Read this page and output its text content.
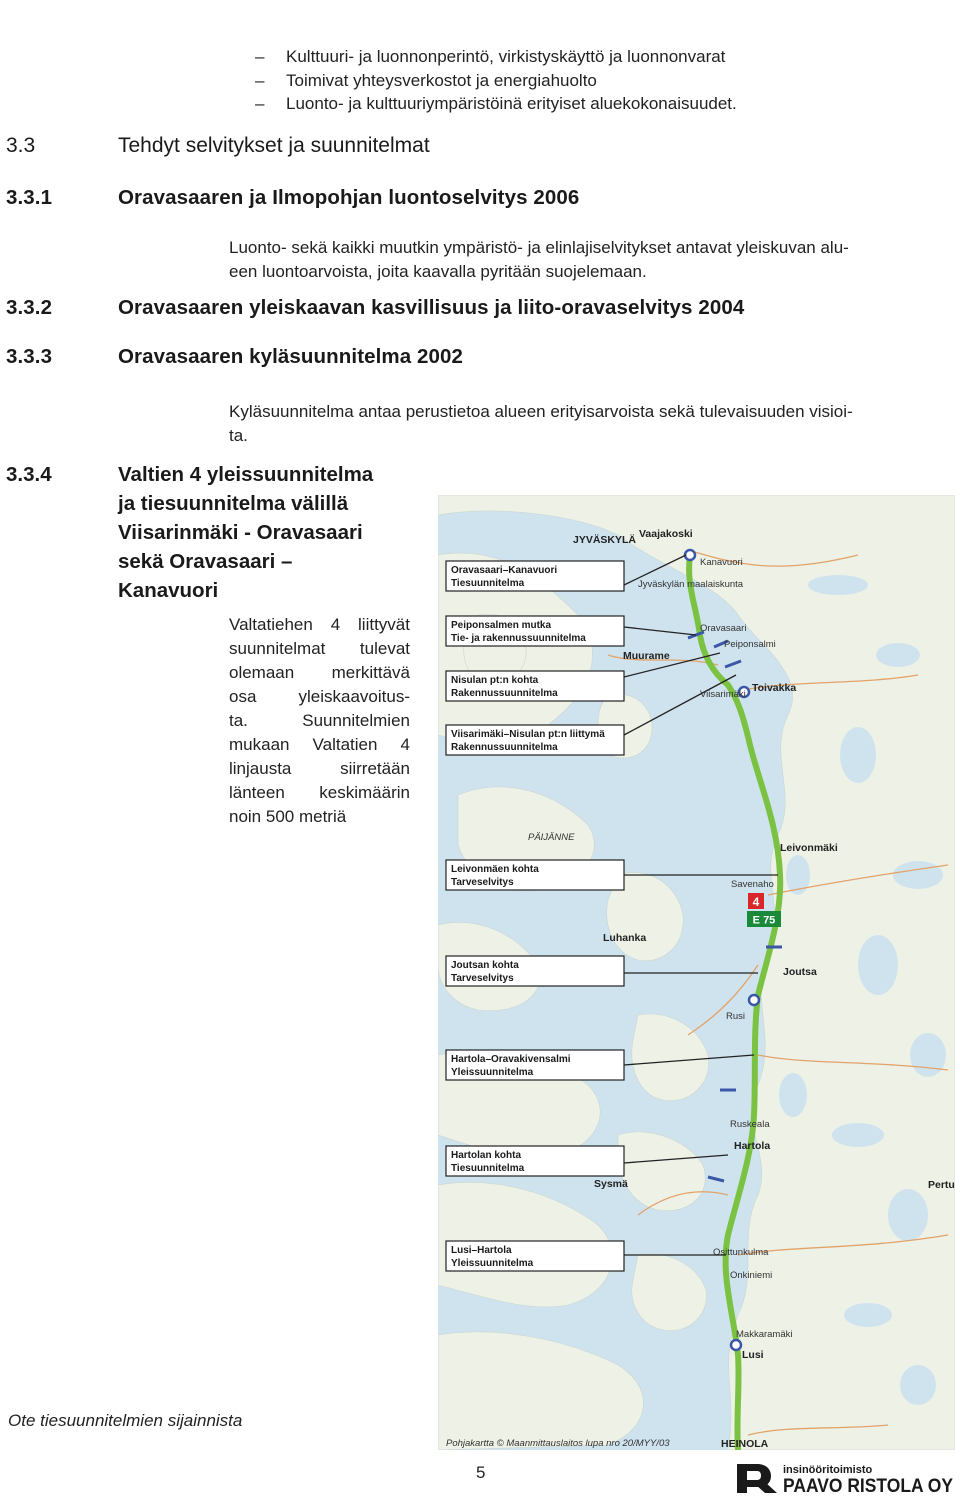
– Kulttuuri- ja luonnonperintö, virkistyskäyttö ja luonnonvarat
– Toimivat yhteysverkostot ja energiahuolto
– Luonto- ja kulttuuriympäristöinä erityiset aluekokonaisuudet.
3.3	Tehdyt selvitykset ja suunnitelmat
3.3.1	Oravasaaren ja Ilmopohjan luontoselvitys 2006
Luonto- sekä kaikki muutkin ympäristö- ja elinlajiselvitykset antavat yleiskuvan alu-
een luontoarvoista, joita kaavalla pyritään suojelemaan.
3.3.2	Oravasaaren yleiskaavan kasvillisuus ja liito-oravaselvitys 2004
3.3.3	Oravasaaren kyläsuunnitelma 2002
Kyläsuunnitelma antaa perustietoa alueen erityisarvoista sekä tulevaisuuden visioi-
ta.
3.3.4	Valtien 4 yleissuunnitelma
ja tiesuunnitelma välillä
Viisarinmäki - Oravasaari
sekä Oravasaari –
Kanavuori
Valtatiehen 4 liittyvät
suunnitelmat tulevat
olemaan merkittävä
osa yleiskaavoitus-
ta. Suunnitelmien
mukaan Valtatien 4
linjausta siirretään
länteen keskimäärin
noin 500 metriä
4
E 75
JYVÄSKYLÄ Vaajakoski
Kanavuori
Jyväskylän maalaiskunta
Oravasaari
Peiponsalmi
Muurame
Toivakka
Viisarimäki
Leivonmäki
PÄIJÄNNE
Savenaho
Luhanka
Joutsa
Rusi
Ruskeala
Hartola
Sysmä	Pertu
Osittunkulma
Onkiniemi
Makkaramäki
Lusi
HEINOLA
Oravasaari–Kanavuori
Tiesuunnitelma
Peiponsalmen mutka
Tie- ja rakennussuunnitelma
Nisulan pt:n kohta
Rakennussuunnitelma
Viisarimäki–Nisulan pt:n liittymä
Rakennussuunnitelma
Leivonmäen kohta
Tarveselvitys
Joutsan kohta
Tarveselvitys
Hartola–Oravakivensalmi
Yleissuunnitelma
Hartolan kohta
Tiesuunnitelma
Lusi–Hartola
Yleissuunnitelma
Pohjakartta © Maanmittauslaitos lupa nro 20/MYY/03
Ote tiesuunnitelmien sijainnista
5	insinööritoimisto
PAAVO RISTOLA OY
